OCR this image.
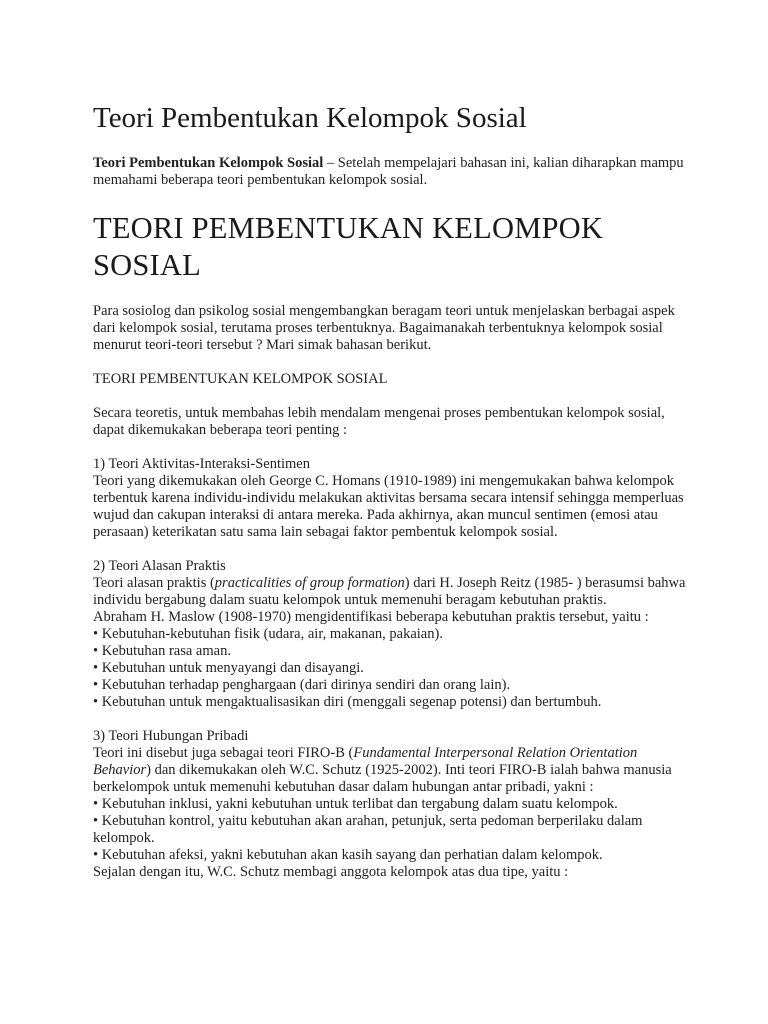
Teori Pembentukan Kelompok Sosial

Teori Pembentukan Kelompok Sosial – Setelah mempelajari bahasan ini, kalian diharapkan mampu memahami beberapa teori pembentukan kelompok sosial.

TEORI PEMBENTUKAN KELOMPOK SOSIAL

Para sosiolog dan psikolog sosial mengembangkan beragam teori untuk menjelaskan berbagai aspek dari kelompok sosial, terutama proses terbentuknya. Bagaimanakah terbentuknya kelompok sosial menurut teori-teori tersebut ? Mari simak bahasan berikut.

TEORI PEMBENTUKAN KELOMPOK SOSIAL

Secara teoretis, untuk membahas lebih mendalam mengenai proses pembentukan kelompok sosial, dapat dikemukakan beberapa teori penting :

1) Teori Aktivitas-Interaksi-Sentimen

Teori yang dikemukakan oleh George C. Homans (1910-1989) ini mengemukakan bahwa kelompok terbentuk karena individu-individu melakukan aktivitas bersama secara intensif sehingga memperluas wujud dan cakupan interaksi di antara mereka. Pada akhirnya, akan muncul sentimen (emosi atau perasaan) keterikatan satu sama lain sebagai faktor pembentuk kelompok sosial.

2) Teori Alasan Praktis

Teori alasan praktis (practicalities of group formation) dari H. Joseph Reitz (1985- ) berasumsi bahwa individu bergabung dalam suatu kelompok untuk memenuhi beragam kebutuhan praktis.

Abraham H. Maslow (1908-1970) mengidentifikasi beberapa kebutuhan praktis tersebut, yaitu :

• Kebutuhan-kebutuhan fisik (udara, air, makanan, pakaian).
• Kebutuhan rasa aman.
• Kebutuhan untuk menyayangi dan disayangi.
• Kebutuhan terhadap penghargaan (dari dirinya sendiri dan orang lain).
• Kebutuhan untuk mengaktualisasikan diri (menggali segenap potensi) dan bertumbuh.

3) Teori Hubungan Pribadi

Teori ini disebut juga sebagai teori FIRO-B (Fundamental Interpersonal Relation Orientation Behavior) dan dikemukakan oleh W.C. Schutz (1925-2002). Inti teori FIRO-B ialah bahwa manusia berkelompok untuk memenuhi kebutuhan dasar dalam hubungan antar pribadi, yakni :

• Kebutuhan inklusi, yakni kebutuhan untuk terlibat dan tergabung dalam suatu kelompok.
• Kebutuhan kontrol, yaitu kebutuhan akan arahan, petunjuk, serta pedoman berperilaku dalam kelompok.
• Kebutuhan afeksi, yakni kebutuhan akan kasih sayang dan perhatian dalam kelompok.

Sejalan dengan itu, W.C. Schutz membagi anggota kelompok atas dua tipe, yaitu :
